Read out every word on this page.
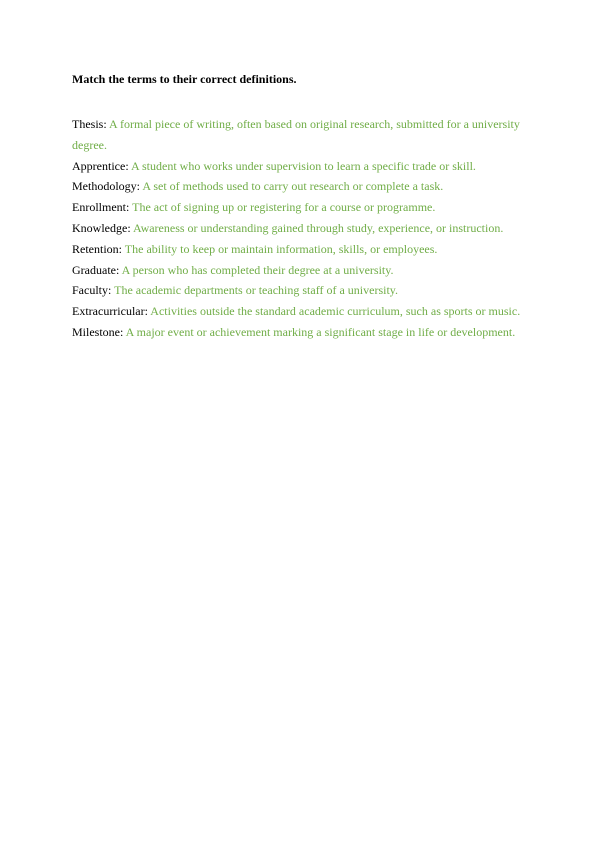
Match the terms to their correct definitions.

Thesis: A formal piece of writing, often based on original research, submitted for a university degree.
Apprentice: A student who works under supervision to learn a specific trade or skill.
Methodology: A set of methods used to carry out research or complete a task.
Enrollment: The act of signing up or registering for a course or programme.
Knowledge: Awareness or understanding gained through study, experience, or instruction.
Retention: The ability to keep or maintain information, skills, or employees.
Graduate: A person who has completed their degree at a university.
Faculty: The academic departments or teaching staff of a university.
Extracurricular: Activities outside the standard academic curriculum, such as sports or music.
Milestone: A major event or achievement marking a significant stage in life or development.
